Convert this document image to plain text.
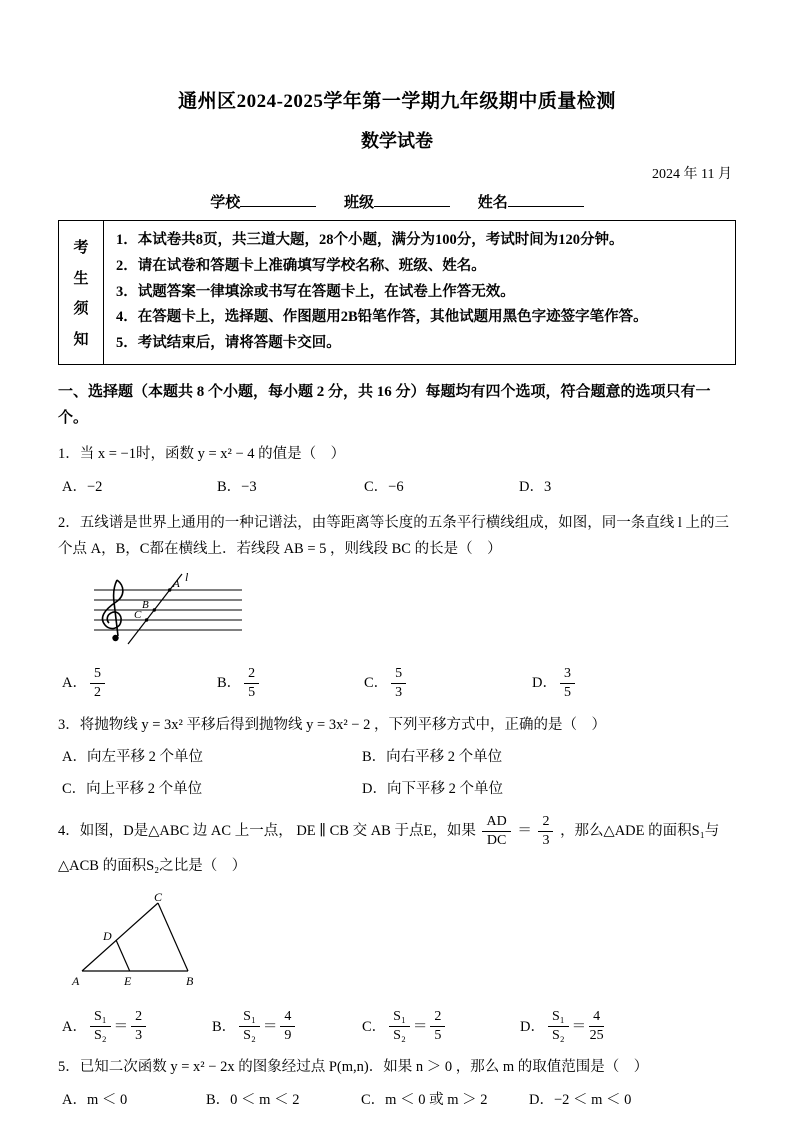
通州区2024-2025学年第一学期九年级期中质量检测
数学试卷
2024 年 11 月
学校	班级	姓名
考
生
须
知
1．本试卷共8页，共三道大题，28个小题，满分为100分，考试时间为120分钟。
2．请在试卷和答题卡上准确填写学校名称、班级、姓名。
3．试题答案一律填涂或书写在答题卡上，在试卷上作答无效。
4．在答题卡上，选择题、作图题用2B铅笔作答，其他试题用黑色字迹签字笔作答。
5．考试结束后，请将答题卡交回。
一、选择题（本题共 8 个小题，每小题 2 分，共 16 分）每题均有四个选项，符合题意的选项只有一个。
1．当 x = −1时，函数 y = x² − 4 的值是（　）
A．−2	B．−3	C．−6	D．3
2．五线谱是世界上通用的一种记谱法，由等距离等长度的五条平行横线组成，如图，同一条直线 l 上的三个点 A，B，C都在横线上．若线段 AB = 5 ，则线段 BC 的长是（　）
l
A
B
C
A． $\frac{5}{2}$	B． $\frac{2}{5}$	C． $\frac{5}{3}$	D． $\frac{3}{5}$
3．将抛物线 y = 3x² 平移后得到抛物线 y = 3x² − 2 ，下列平移方式中，正确的是（　）
A．向左平移 2 个单位	B．向右平移 2 个单位
C．向上平移 2 个单位	D．向下平移 2 个单位
4．如图，D是△ABC 边 AC 上一点， DE ∥ CB 交 AB 于点E，如果 $\frac{AD}{DC} = \frac{2}{3}$ ，那么△ADE 的面积S₁与△ACB 的面积S₂之比是（　）
A	B
C
D
E
A． $\frac{\text{S₁}}{\text{S₂}} = \frac{2}{3}$	B． $\frac{\text{S₁}}{\text{S₂}} = \frac{4}{9}$	C． $\frac{\text{S₁}}{\text{S₂}} = \frac{2}{5}$	D． $\frac{\text{S₁}}{\text{S₂}} = \frac{4}{25}$
5．已知二次函数 y = x² − 2x 的图象经过点 P(m,n)．如果 n ＞ 0 ，那么 m 的取值范围是（　）
A．m ＜ 0	B．0 ＜ m ＜ 2	C．m ＜ 0 或 m ＞ 2	D．−2 ＜ m ＜ 0
